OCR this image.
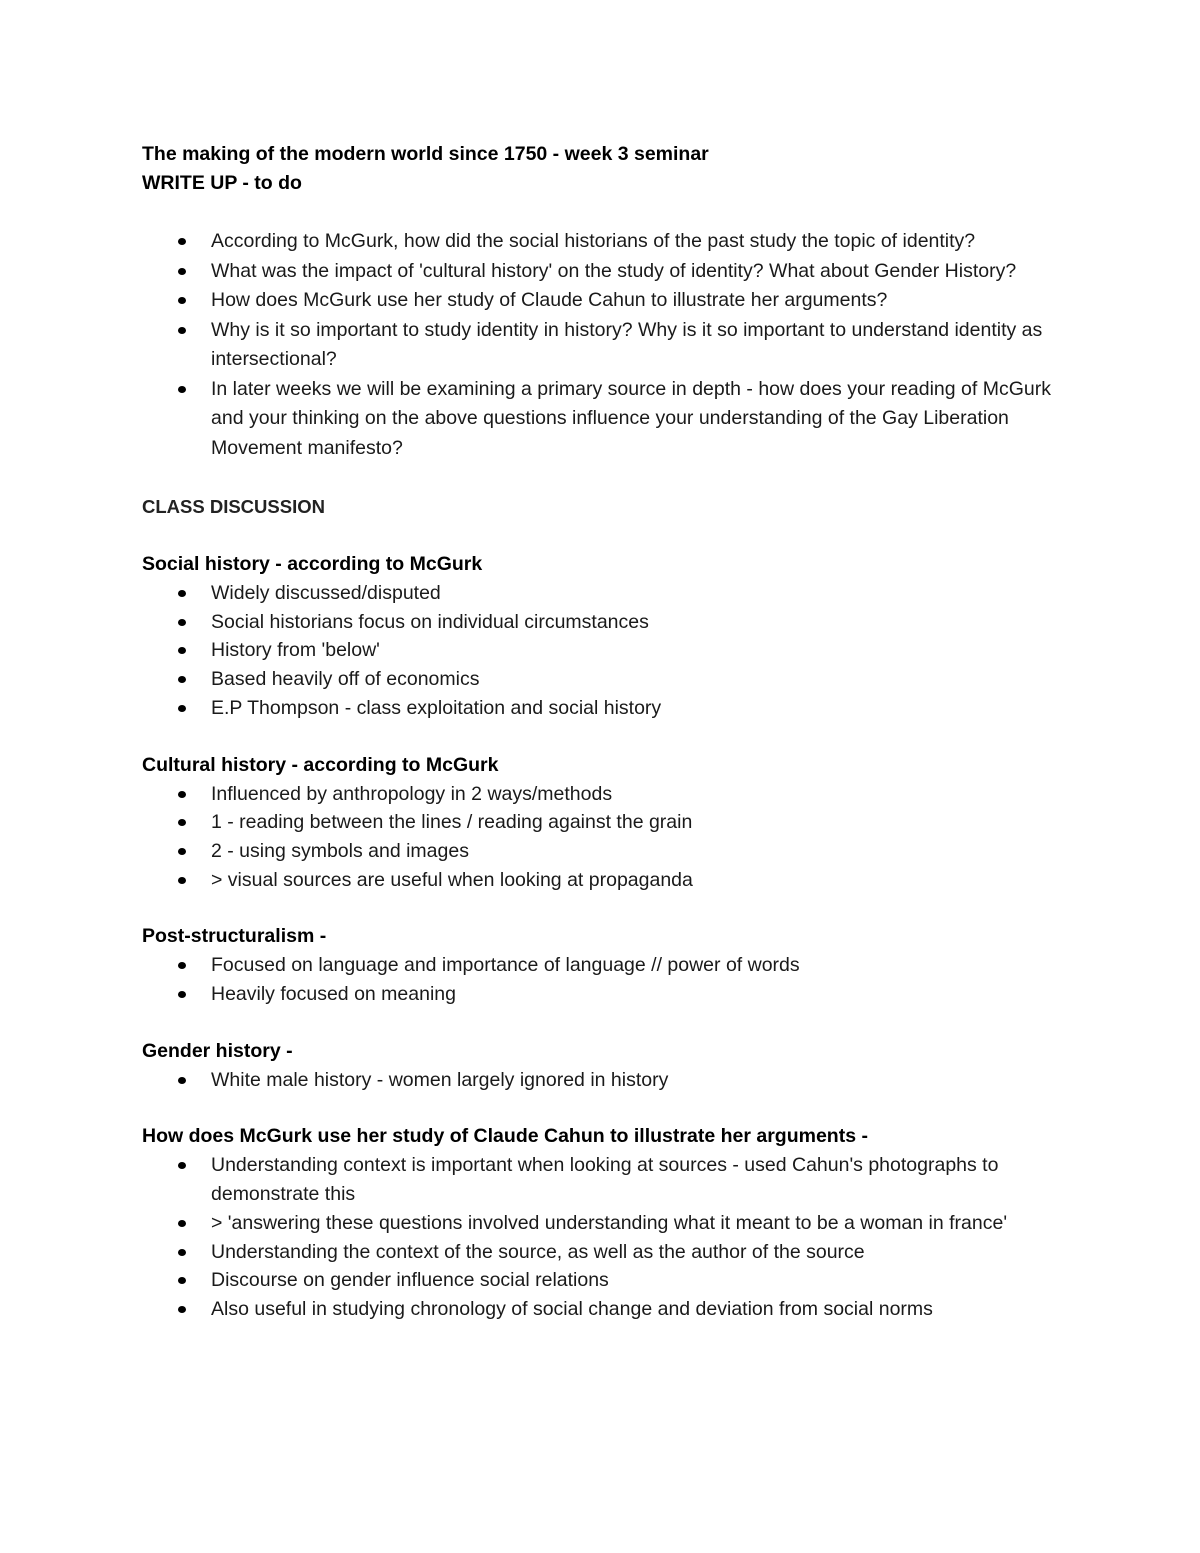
The making of the modern world since 1750 - week 3 seminar
WRITE UP - to do
According to McGurk, how did the social historians of the past study the topic of identity?
What was the impact of 'cultural history' on the study of identity? What about Gender History?
How does McGurk use her study of Claude Cahun to illustrate her arguments?
Why is it so important to study identity in history? Why is it so important to understand identity as intersectional?
In later weeks we will be examining a primary source in depth - how does your reading of McGurk and your thinking on the above questions influence your understanding of the Gay Liberation Movement manifesto?
CLASS DISCUSSION
Social history - according to McGurk
Widely discussed/disputed
Social historians focus on individual circumstances
History from 'below'
Based heavily off of economics
E.P Thompson - class exploitation and social history
Cultural history - according to McGurk
Influenced by anthropology in 2 ways/methods
1 - reading between the lines / reading against the grain
2 - using symbols and images
> visual sources are useful when looking at propaganda
Post-structuralism -
Focused on language and importance of language // power of words
Heavily focused on meaning
Gender history -
White male history - women largely ignored in history
How does McGurk use her study of Claude Cahun to illustrate her arguments -
Understanding context is important when looking at sources - used Cahun's photographs to demonstrate this
> 'answering these questions involved understanding what it meant to be a woman in france'
Understanding the context of the source, as well as the author of the source
Discourse on gender influence social relations
Also useful in studying chronology of social change and deviation from social norms
